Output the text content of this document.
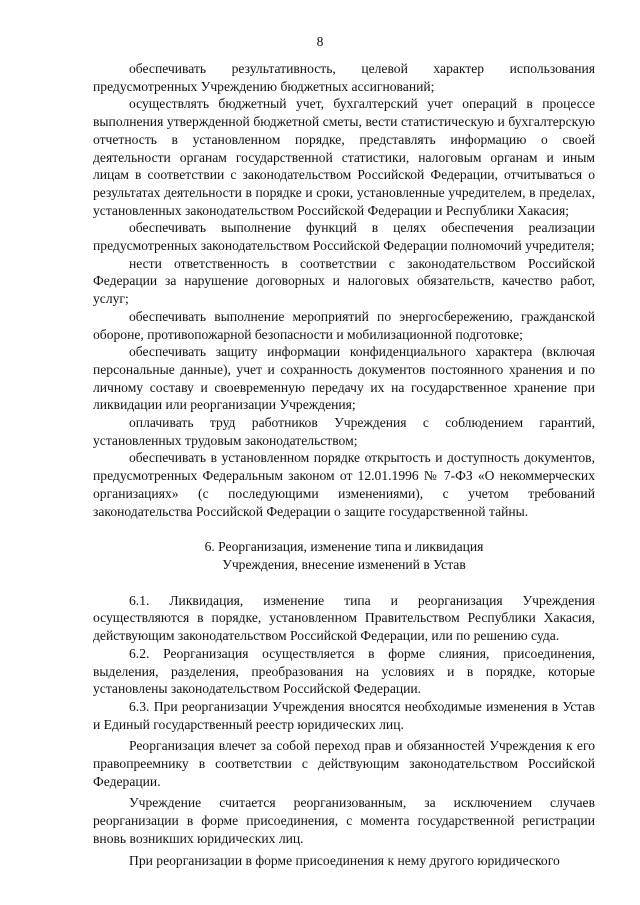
8

обеспечивать результативность, целевой характер использования предусмотренных Учреждению бюджетных ассигнований;

осуществлять бюджетный учет, бухгалтерский учет операций в процессе выполнения утвержденной бюджетной сметы, вести статистическую и бухгалтерскую отчетность в установленном порядке, представлять информацию о своей деятельности органам государственной статистики, налоговым органам и иным лицам в соответствии с законодательством Российской Федерации, отчитываться о результатах деятельности в порядке и сроки, установленные учредителем, в пределах, установленных законодательством Российской Федерации и Республики Хакасия;

обеспечивать выполнение функций в целях обеспечения реализации предусмотренных законодательством Российской Федерации полномочий учредителя;

нести ответственность в соответствии с законодательством Российской Федерации за нарушение договорных и налоговых обязательств, качество работ, услуг;

обеспечивать выполнение мероприятий по энергосбережению, гражданской обороне, противопожарной безопасности и мобилизационной подготовке;

обеспечивать защиту информации конфиденциального характера (включая персональные данные), учет и сохранность документов постоянного хранения и по личному составу и своевременную передачу их на государственное хранение при ликвидации или реорганизации Учреждения;

оплачивать труд работников Учреждения с соблюдением гарантий, установленных трудовым законодательством;

обеспечивать в установленном порядке открытость и доступность документов, предусмотренных Федеральным законом от 12.01.1996 № 7-ФЗ «О некоммерческих организациях» (с последующими изменениями), с учетом требований законодательства Российской Федерации о защите государственной тайны.

6. Реорганизация, изменение типа и ликвидация

Учреждения, внесение изменений в Устав

6.1. Ликвидация, изменение типа и реорганизация Учреждения осуществляются в порядке, установленном Правительством Республики Хакасия, действующим законодательством Российской Федерации, или по решению суда.

6.2. Реорганизация осуществляется в форме слияния, присоединения, выделения, разделения, преобразования на условиях и в порядке, которые установлены законодательством Российской Федерации.

6.3. При реорганизации Учреждения вносятся необходимые изменения в Устав и Единый государственный реестр юридических лиц.

Реорганизация влечет за собой переход прав и обязанностей Учреждения к его правопреемнику в соответствии с действующим законодательством Российской Федерации.

Учреждение считается реорганизованным, за исключением случаев реорганизации в форме присоединения, с момента государственной регистрации вновь возникших юридических лиц.

При реорганизации в форме присоединения к нему другого юридического
